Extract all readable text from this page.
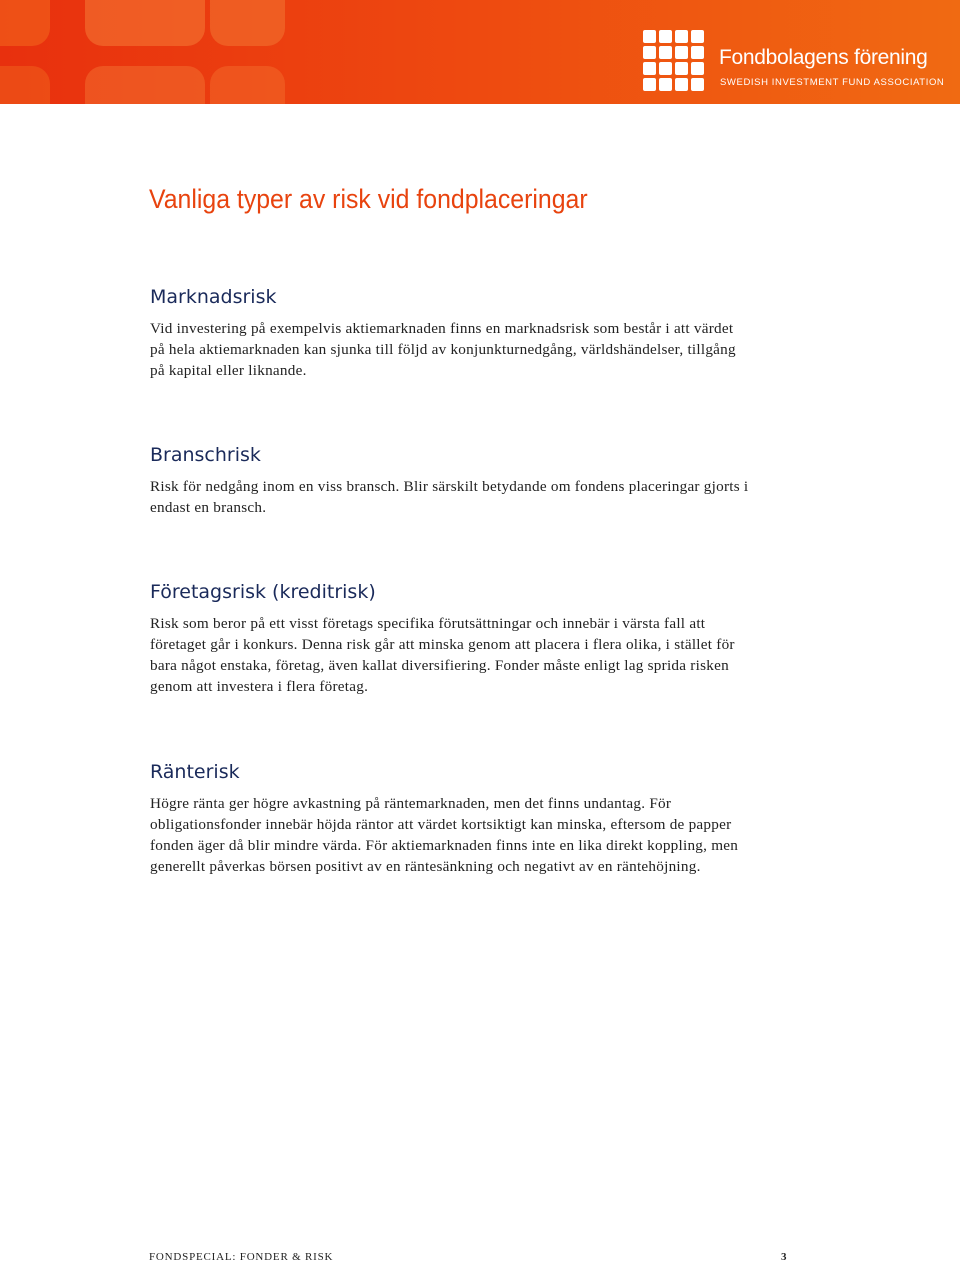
Fondbolagens förening
SWEDISH INVESTMENT FUND ASSOCIATION
Vanliga typer av risk vid fondplaceringar
Marknadsrisk

Vid investering på exempelvis aktiemarknaden finns en marknadsrisk som består i att värdet på hela aktiemarknaden kan sjunka till följd av konjunkturnedgång, världshändelser, tillgång på kapital eller liknande.

Branschrisk

Risk för nedgång inom en viss bransch. Blir särskilt betydande om fondens placeringar gjorts i endast en bransch.

Företagsrisk (kreditrisk)

Risk som beror på ett visst företags specifika förutsättningar och innebär i värsta fall att företaget går i konkurs. Denna risk går att minska genom att placera i flera olika, i stället för bara något enstaka, företag, även kallat diversifiering. Fonder måste enligt lag sprida risken genom att investera i flera företag.

Ränterisk

Högre ränta ger högre avkastning på räntemarknaden, men det finns undantag. För obligationsfonder innebär höjda räntor att värdet kortsiktigt kan minska, eftersom de papper fonden äger då blir mindre värda. För aktiemarknaden finns inte en lika direkt koppling, men generellt påverkas börsen positivt av en räntesänkning och negativt av en räntehöjning.

FONDSPECIAL: FONDER & RISK	3
